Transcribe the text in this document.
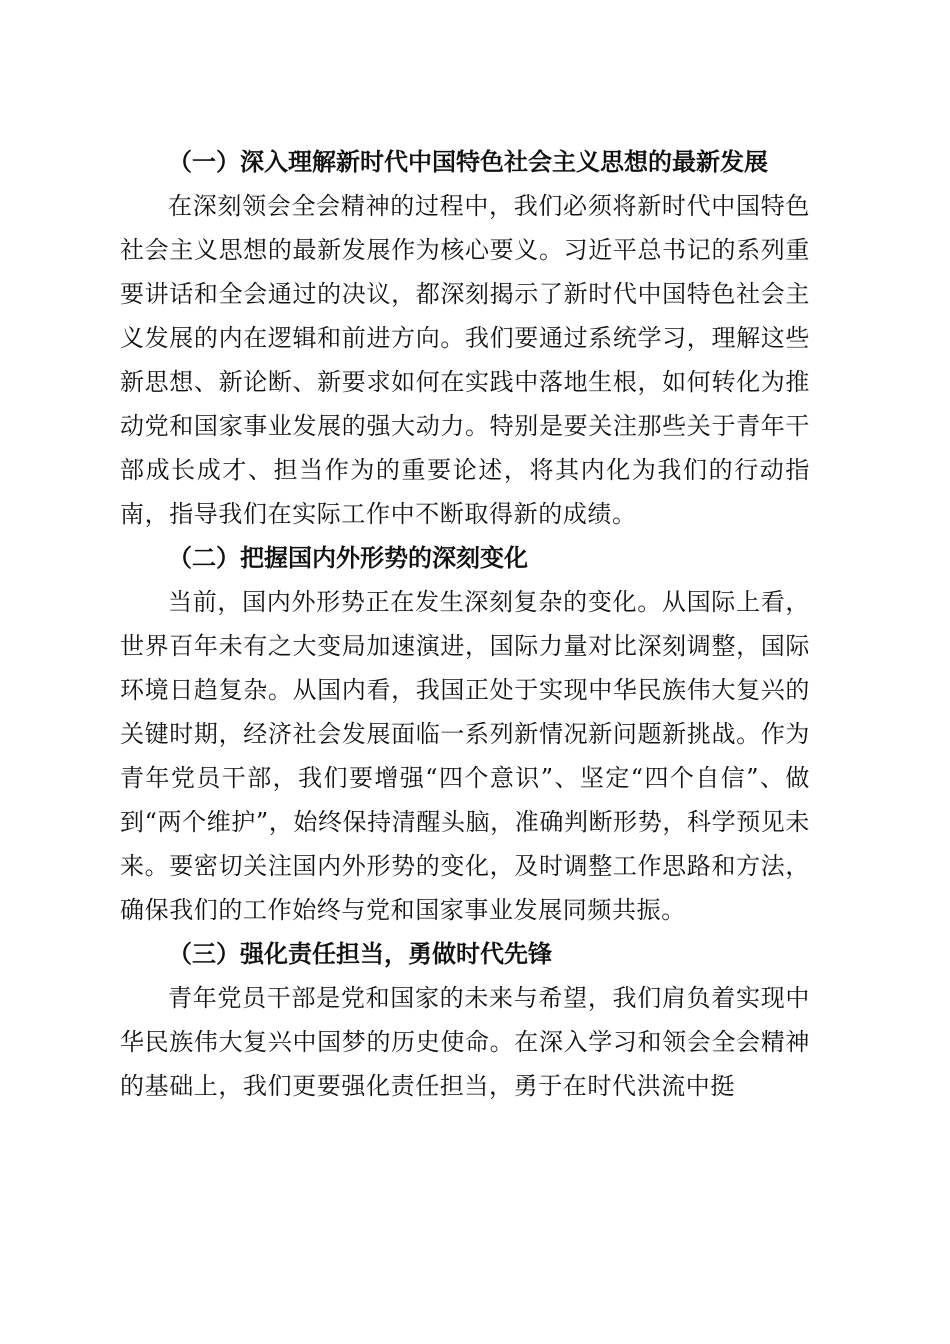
（一）深入理解新时代中国特色社会主义思想的最新发展

在深刻领会全会精神的过程中，我们必须将新时代中国特色社会主义思想的最新发展作为核心要义。习近平总书记的系列重要讲话和全会通过的决议，都深刻揭示了新时代中国特色社会主义发展的内在逻辑和前进方向。我们要通过系统学习，理解这些新思想、新论断、新要求如何在实践中落地生根，如何转化为推动党和国家事业发展的强大动力。特别是要关注那些关于青年干部成长成才、担当作为的重要论述，将其内化为我们的行动指南，指导我们在实际工作中不断取得新的成绩。

（二）把握国内外形势的深刻变化

当前，国内外形势正在发生深刻复杂的变化。从国际上看，世界百年未有之大变局加速演进，国际力量对比深刻调整，国际环境日趋复杂。从国内看，我国正处于实现中华民族伟大复兴的关键时期，经济社会发展面临一系列新情况新问题新挑战。作为青年党员干部，我们要增强“四个意识”、坚定“四个自信”、做到“两个维护”，始终保持清醒头脑，准确判断形势，科学预见未来。要密切关注国内外形势的变化，及时调整工作思路和方法，确保我们的工作始终与党和国家事业发展同频共振。

（三）强化责任担当，勇做时代先锋

青年党员干部是党和国家的未来与希望，我们肩负着实现中华民族伟大复兴中国梦的历史使命。在深入学习和领会全会精神的基础上，我们更要强化责任担当，勇于在时代洪流中挺
